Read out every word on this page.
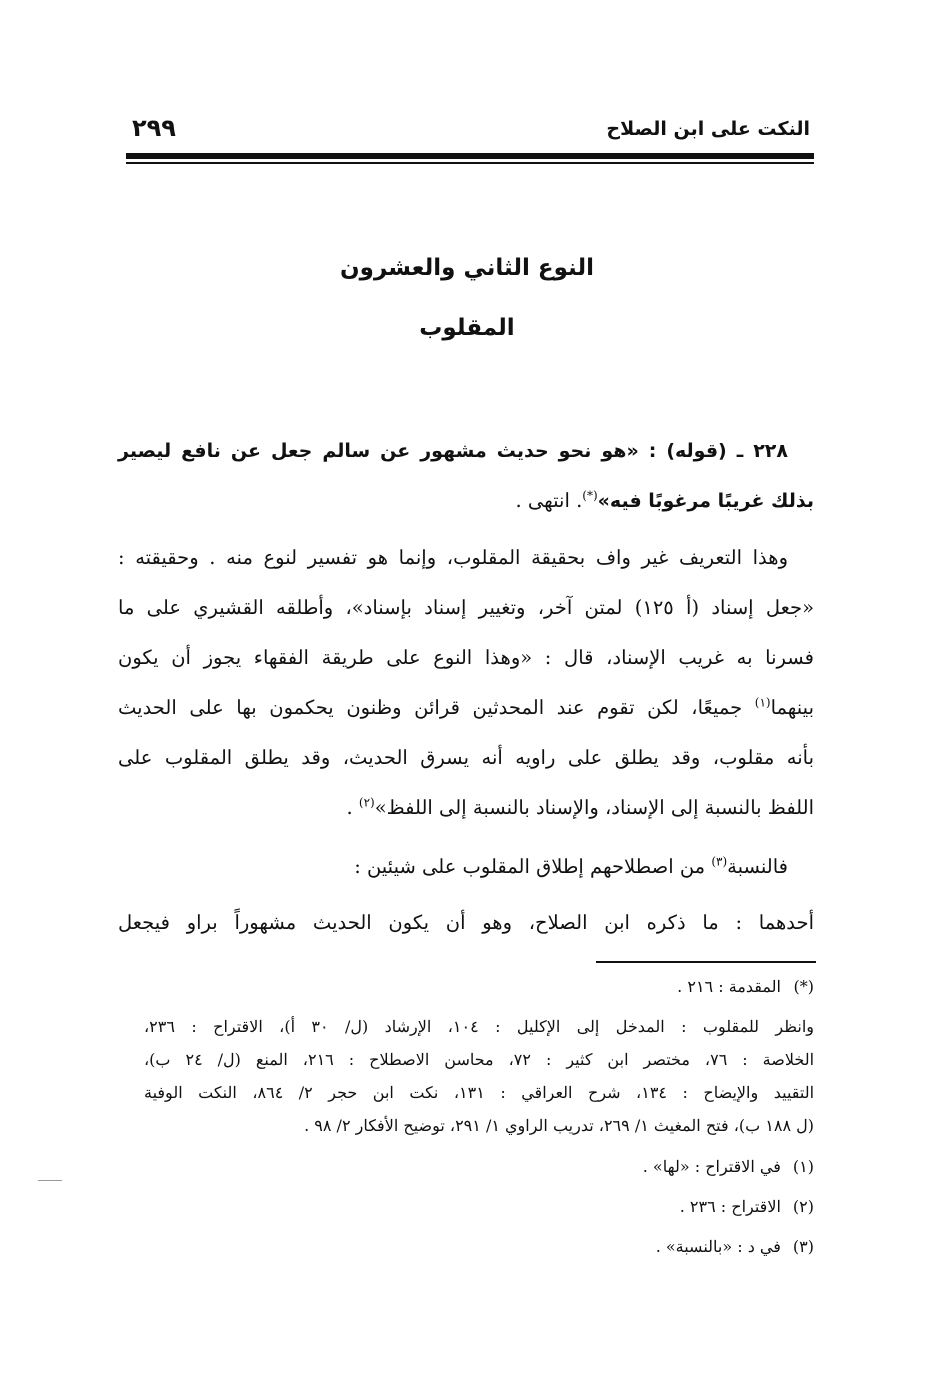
النكت على ابن الصلاح
٢٩٩
النوع الثاني والعشرون
المقلوب
٢٢٨ ـ (قوله) : «هو نحو حديث مشهور عن سالم جعل عن نافع ليصير
بذلك غريبًا مرغوبًا فيه»(*). انتهى .
وهذا التعريف غير واف بحقيقة المقلوب، وإنما هو تفسير لنوع منه . وحقيقته :
«جعل إسناد (أ ١٢٥) لمتن آخر، وتغيير إسناد بإسناد»، وأطلقه القشيري على ما
فسرنا به غريب الإسناد، قال : «وهذا النوع على طريقة الفقهاء يجوز أن يكون
بينهما$^{(١)}$ جميعًا، لكن تقوم عند المحدثين قرائن وظنون يحكمون بها على الحديث
بأنه مقلوب، وقد يطلق على راويه أنه يسرق الحديث، وقد يطلق المقلوب على
اللفظ بالنسبة إلى الإسناد، والإسناد بالنسبة إلى اللفظ»$^{(٢)}$ .
فالنسبة$^{(٣)}$ من اصطلاحهم إطلاق المقلوب على شيئين :
أحدهما : ما ذكره ابن الصلاح، وهو أن يكون الحديث مشهوراً براو فيجعل
(*) المقدمة : ٢١٦ .
وانظر للمقلوب : المدخل إلى الإكليل : ١٠٤، الإرشاد (ل/ ٣٠ أ)، الاقتراح : ٢٣٦،
الخلاصة : ٧٦، مختصر ابن كثير : ٧٢، محاسن الاصطلاح : ٢١٦، المنع (ل/ ٢٤ ب)،
التقييد والإيضاح : ١٣٤، شرح العراقي : ١٣١، نكت ابن حجر ٢/ ٨٦٤، النكت الوفية
(ل ١٨٨ ب)، فتح المغيث ١/ ٢٦٩، تدريب الراوي ١/ ٢٩١، توضيح الأفكار ٢/ ٩٨ .
(١) في الاقتراح : «لها» .
(٢) الاقتراح : ٢٣٦ .
(٣) في د : «بالنسبة» .
